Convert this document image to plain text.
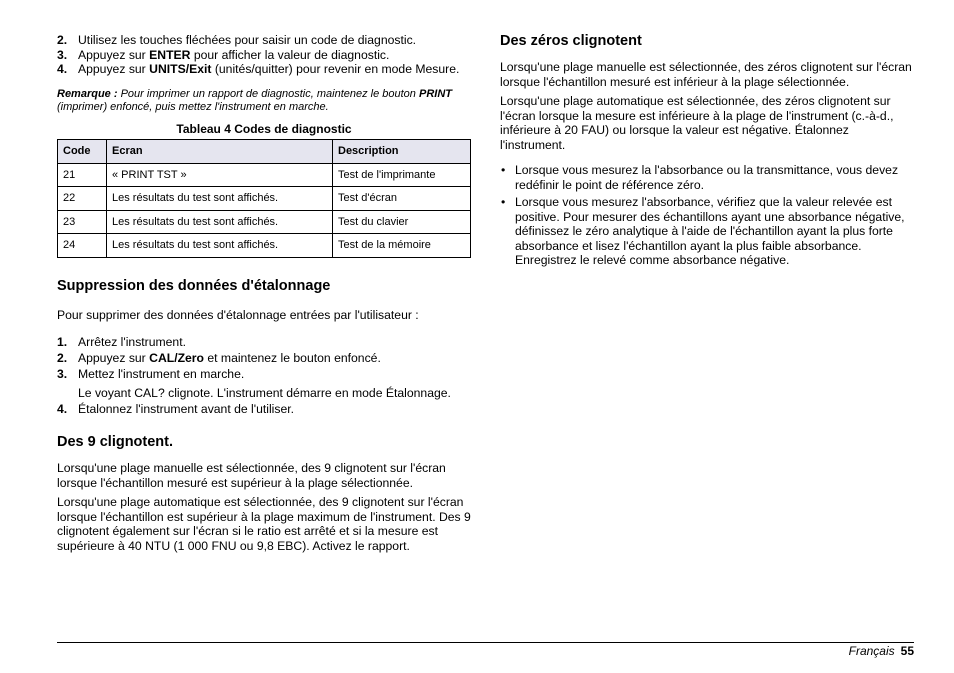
2. Utilisez les touches fléchées pour saisir un code de diagnostic.
3. Appuyez sur ENTER pour afficher la valeur de diagnostic.
4. Appuyez sur UNITS/Exit (unités/quitter) pour revenir en mode Mesure.

Remarque : Pour imprimer un rapport de diagnostic, maintenez le bouton PRINT (imprimer) enfoncé, puis mettez l'instrument en marche.

Tableau 4 Codes de diagnostic
Code	Ecran	Description
21	« PRINT TST »	Test de l'imprimante
22	Les résultats du test sont affichés.	Test d'écran
23	Les résultats du test sont affichés.	Test du clavier
24	Les résultats du test sont affichés.	Test de la mémoire
Suppression des données d'étalonnage

Pour supprimer des données d'étalonnage entrées par l'utilisateur :

1. Arrêtez l'instrument.
2. Appuyez sur CAL/Zero et maintenez le bouton enfoncé.
3. Mettez l'instrument en marche.
Le voyant CAL? clignote. L'instrument démarre en mode Étalonnage.
4. Étalonnez l'instrument avant de l'utiliser.
Des 9 clignotent.

Lorsqu'une plage manuelle est sélectionnée, des 9 clignotent sur l'écran lorsque l'échantillon mesuré est supérieur à la plage sélectionnée.

Lorsqu'une plage automatique est sélectionnée, des 9 clignotent sur l'écran lorsque l'échantillon est supérieur à la plage maximum de l'instrument. Des 9 clignotent également sur l'écran si le ratio est arrêté et si la mesure est supérieure à 40 NTU (1 000 FNU ou 9,8 EBC). Activez le rapport.

Des zéros clignotent

Lorsqu'une plage manuelle est sélectionnée, des zéros clignotent sur l'écran lorsque l'échantillon mesuré est inférieur à la plage sélectionnée.

Lorsqu'une plage automatique est sélectionnée, des zéros clignotent sur l'écran lorsque la mesure est inférieure à la plage de l'instrument (c.-à-d., inférieure à 20 FAU) ou lorsque la valeur est négative. Étalonnez l'instrument.

• Lorsque vous mesurez la l'absorbance ou la transmittance, vous devez redéfinir le point de référence zéro.
• Lorsque vous mesurez l'absorbance, vérifiez que la valeur relevée est positive. Pour mesurer des échantillons ayant une absorbance négative, définissez le zéro analytique à l'aide de l'échantillon ayant la plus forte absorbance et lisez l'échantillon ayant la plus faible absorbance. Enregistrez le relevé comme absorbance négative.
Français 55
